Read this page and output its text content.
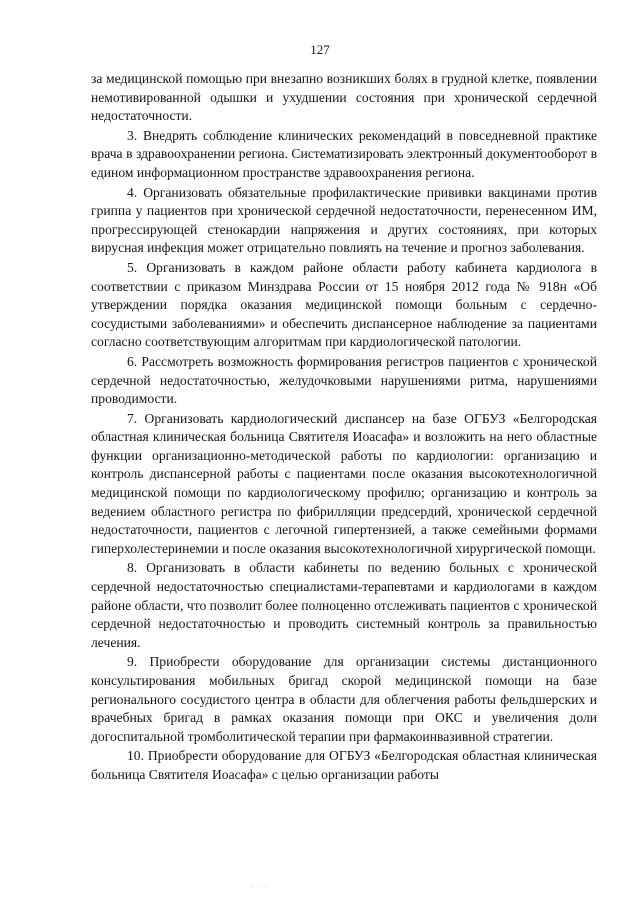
127

за медицинской помощью при внезапно возникших болях в грудной клетке, появлении немотивированной одышки и ухудшении состояния при хронической сердечной недостаточности.

3. Внедрять соблюдение клинических рекомендаций в повседневной практике врача в здравоохранении региона. Систематизировать электронный документооборот в едином информационном пространстве здравоохранения региона.

4. Организовать обязательные профилактические прививки вакцинами против гриппа у пациентов при хронической сердечной недостаточности, перенесенном ИМ, прогрессирующей стенокардии напряжения и других состояниях, при которых вирусная инфекция может отрицательно повлиять на течение и прогноз заболевания.

5. Организовать в каждом районе области работу кабинета кардиолога в соответствии с приказом Минздрава России от 15 ноября 2012 года № 918н «Об утверждении порядка оказания медицинской помощи больным с сердечно-сосудистыми заболеваниями» и обеспечить диспансерное наблюдение за пациентами согласно соответствующим алгоритмам при кардиологической патологии.

6. Рассмотреть возможность формирования регистров пациентов с хронической сердечной недостаточностью, желудочковыми нарушениями ритма, нарушениями проводимости.

7. Организовать кардиологический диспансер на базе ОГБУЗ «Белгородская областная клиническая больница Святителя Иоасафа» и возложить на него областные функции организационно-методической работы по кардиологии: организацию и контроль диспансерной работы с пациентами после оказания высокотехнологичной медицинской помощи по кардиологическому профилю; организацию и контроль за ведением областного регистра по фибрилляции предсердий, хронической сердечной недостаточности, пациентов с легочной гипертензией, а также семейными формами гиперхолестеринемии и после оказания высокотехнологичной хирургической помощи.

8. Организовать в области кабинеты по ведению больных с хронической сердечной недостаточностью специалистами-терапевтами и кардиологами в каждом районе области, что позволит более полноценно отслеживать пациентов с хронической сердечной недостаточностью и проводить системный контроль за правильностью лечения.

9. Приобрести оборудование для организации системы дистанционного консультирования мобильных бригад скорой медицинской помощи на базе регионального сосудистого центра в области для облегчения работы фельдшерских и врачебных бригад в рамках оказания помощи при ОКС и увеличения доли догоспитальной тромболитической терапии при фармакоинвазивной стратегии.

10. Приобрести оборудование для ОГБУЗ «Белгородская областная клиническая больница Святителя Иоасафа» с целью организации работы

· · ·
